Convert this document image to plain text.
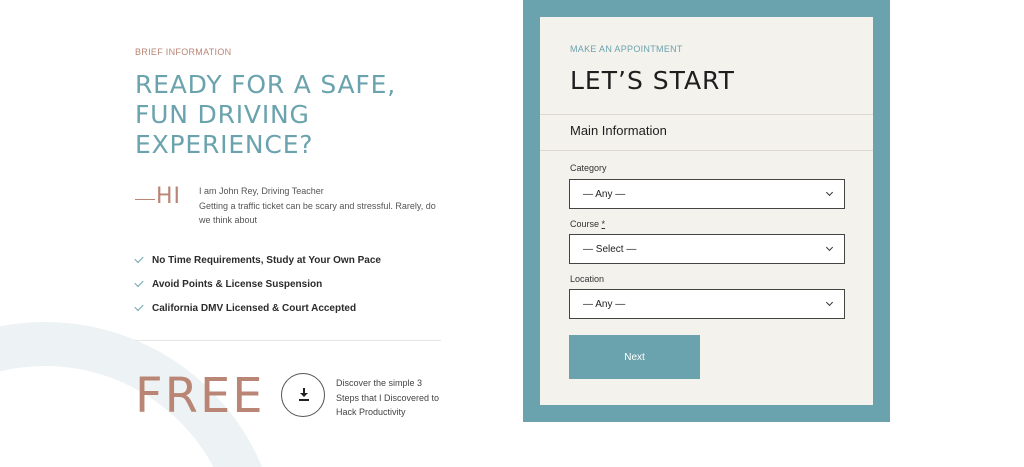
BRIEF INFORMATION
READY FOR A SAFE, FUN DRIVING EXPERIENCE?
HI I am John Rey, Driving Teacher
Getting a traffic ticket can be scary and stressful. Rarely, do we think about
No Time Requirements, Study at Your Own Pace
Avoid Points & License Suspension
California DMV Licensed & Court Accepted
FREE	Discover the simple 3 Steps that I Discovered to Hack Productivity
MAKE AN APPOINTMENT
LET’S START
Main Information
Category
— Any —
Course *
— Select —
Location
— Any —
Next
